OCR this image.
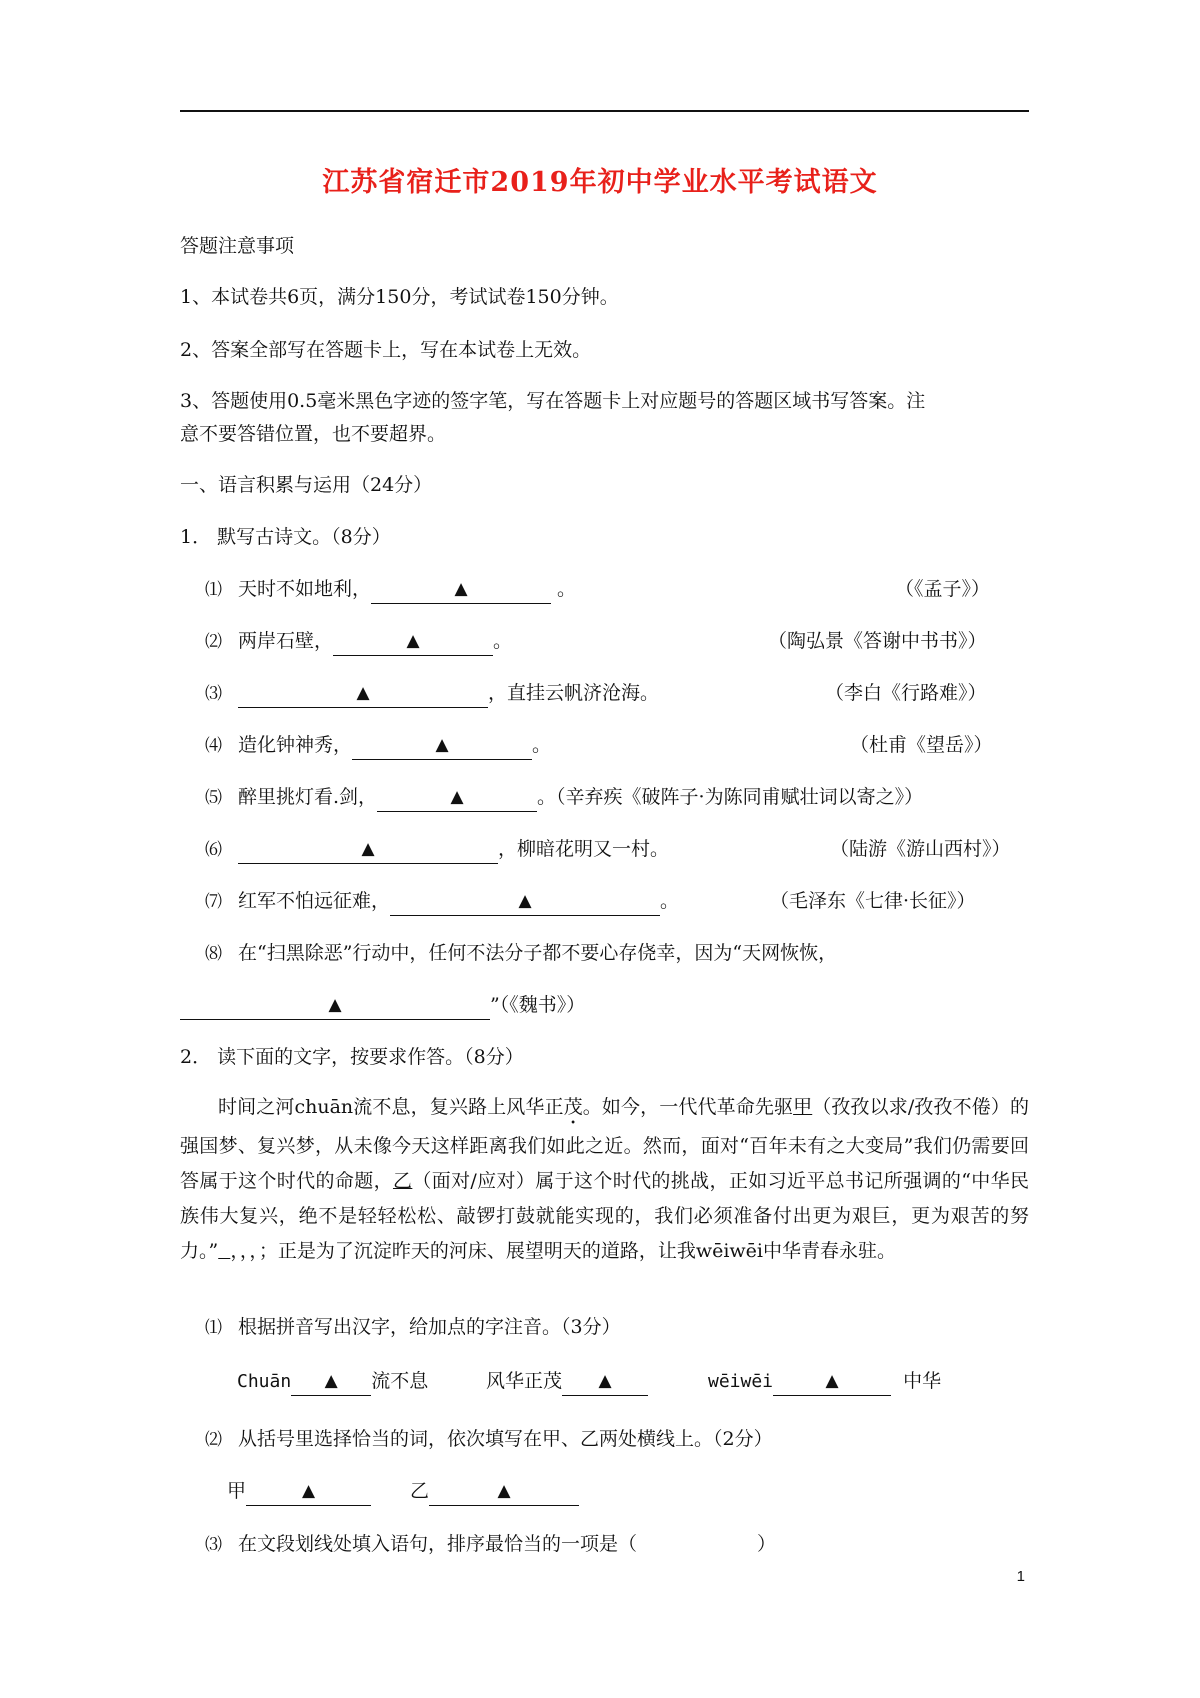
江苏省宿迁市2019年初中学业水平考试语文
答题注意事项
1、本试卷共6页，满分150分，考试试卷150分钟。
2、答案全部写在答题卡上，写在本试卷上无效。
3、答题使用0.5毫米黑色字迹的签字笔，写在答题卡上对应题号的答题区域书写答案。注
意不要答错位置，也不要超界。
一、语言积累与运用（24分）
1． 默写古诗文。（8分）
⑴ 天时不如地利，	▲	。	（《孟子》）
⑵ 两岸石壁，	▲	。	（陶弘景《答谢中书书》）
⑶	▲	，直挂云帆济沧海。	（李白《行路难》）
⑷ 造化钟神秀，	▲	。	（杜甫《望岳》）
⑸ 醉里挑灯看.剑，	▲	。（辛弃疾《破阵子·为陈同甫赋壮词以寄之》）
⑹	▲	，柳暗花明又一村。	（陆游《游山西村》）
⑺ 红军不怕远征难，	▲	。	（毛泽东《七律·长征》）
⑻ 在“扫黑除恶”行动中，任何不法分子都不要心存侥幸，因为“天网恢恢，
▲	”（《魏书》）
2． 读下面的文字，按要求作答。（8分）
时间之河chuān流不息，复兴路上风华正茂。如今，一代代革命先驱甲（孜孜以求/孜孜不倦）的强国梦、复兴梦，从未像今天这样距离我们如此之近。然而，面对“百年未有之大变局”我们仍需要回答属于这个时代的命题，乙（面对/应对）属于这个时代的挑战，正如习近平总书记所强调的“中华民族伟大复兴，绝不是轻轻松松、敲锣打鼓就能实现的，我们必须准备付出更为艰巨，更为艰苦的努力。” ，，，；正是为了沉淀昨天的河床、展望明天的道路，让我wēiwēi中华青春永驻。
⑴ 根据拼音写出汉字，给加点的字注音。（3分）
Chuān ▲ 流不息	风华正茂 ▲	wēiwēi	▲	中华
⑵ 从括号里选择恰当的词，依次填写在甲、乙两处横线上。（2分）
甲	▲	乙	▲
⑶ 在文段划线处填入语句，排序最恰当的一项是（	）
1
